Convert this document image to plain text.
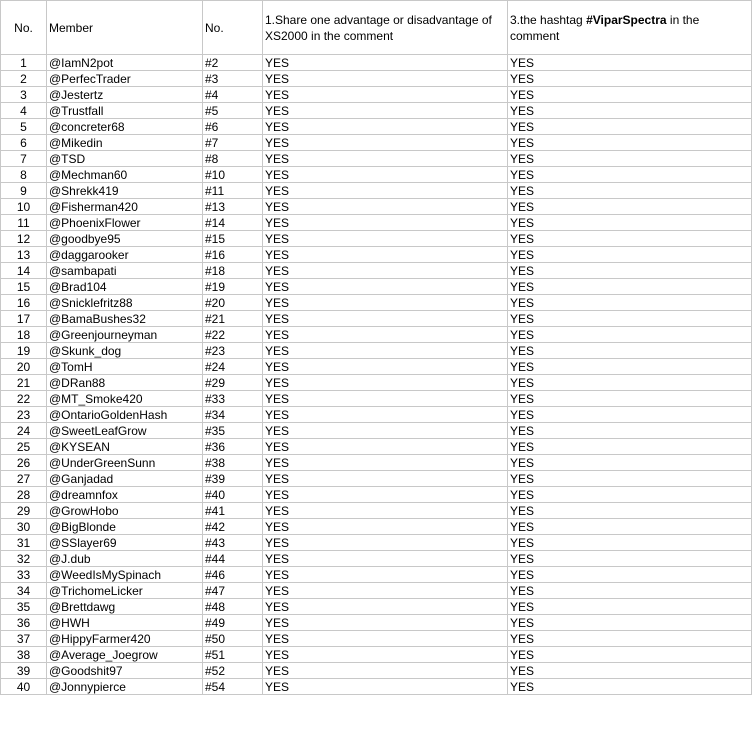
No.	Member	No.	1.Share one advantage or disadvantage of XS2000 in the comment	3.the hashtag #ViparSpectra in the comment
1	@IamN2pot	#2	YES	YES
2	@PerfecTrader	#3	YES	YES
3	@Jestertz	#4	YES	YES
4	@Trustfall	#5	YES	YES
5	@concreter68	#6	YES	YES
6	@Mikedin	#7	YES	YES
7	@TSD	#8	YES	YES
8	@Mechman60	#10	YES	YES
9	@Shrekk419	#11	YES	YES
10	@Fisherman420	#13	YES	YES
11	@PhoenixFlower	#14	YES	YES
12	@goodbye95	#15	YES	YES
13	@daggarooker	#16	YES	YES
14	@sambapati	#18	YES	YES
15	@Brad104	#19	YES	YES
16	@Snicklefritz88	#20	YES	YES
17	@BamaBushes32	#21	YES	YES
18	@Greenjourneyman	#22	YES	YES
19	@Skunk_dog	#23	YES	YES
20	@TomH	#24	YES	YES
21	@DRan88	#29	YES	YES
22	@MT_Smoke420	#33	YES	YES
23	@OntarioGoldenHash	#34	YES	YES
24	@SweetLeafGrow	#35	YES	YES
25	@KYSEAN	#36	YES	YES
26	@UnderGreenSunn	#38	YES	YES
27	@Ganjadad	#39	YES	YES
28	@dreamnfox	#40	YES	YES
29	@GrowHobo	#41	YES	YES
30	@BigBlonde	#42	YES	YES
31	@SSlayer69	#43	YES	YES
32	@J.dub	#44	YES	YES
33	@WeedIsMySpinach	#46	YES	YES
34	@TrichomeLicker	#47	YES	YES
35	@Brettdawg	#48	YES	YES
36	@HWH	#49	YES	YES
37	@HippyFarmer420	#50	YES	YES
38	@Average_Joegrow	#51	YES	YES
39	@Goodshit97	#52	YES	YES
40	@Jonnypierce	#54	YES	YES
